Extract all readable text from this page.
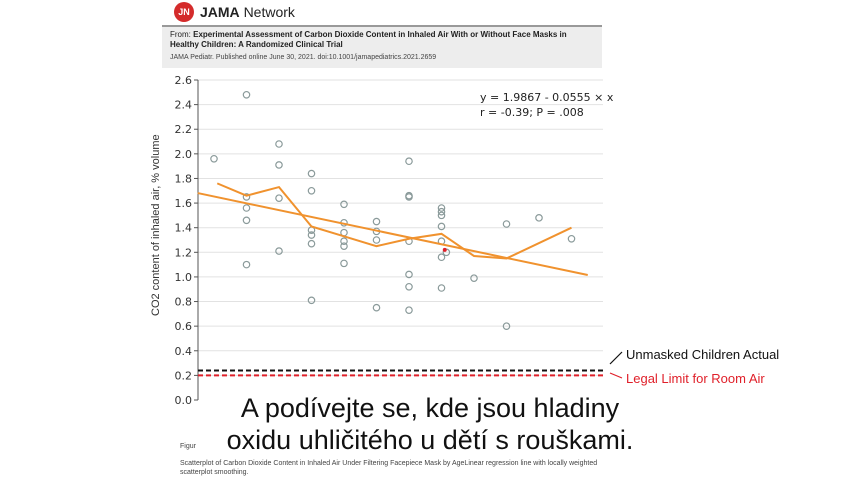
JN JAMA Network
From: Experimental Assessment of Carbon Dioxide Content in Inhaled Air With or Without Face Masks in Healthy Children: A Randomized Clinical Trial
JAMA Pediatr. Published online June 30, 2021. doi:10.1001/jamapediatrics.2021.2659
0.0
0.2
0.4
0.6
0.8
1.0
1.2
1.4
1.6
1.8
2.0
2.2
2.4
2.6
y = 1.9867 - 0.0555 × x
r = -0.39; P = .008
CO2 content of inhaled air, % volume
Unmasked Children Actual
Legal Limit for Room Air
Figur
Scatterplot of Carbon Dioxide Content in Inhaled Air Under Filtering Facepiece Mask by AgeLinear regression line with locally weighted scatterplot smoothing.
A podívejte se, kde jsou hladiny
oxidu uhličitého u dětí s rouškami.
